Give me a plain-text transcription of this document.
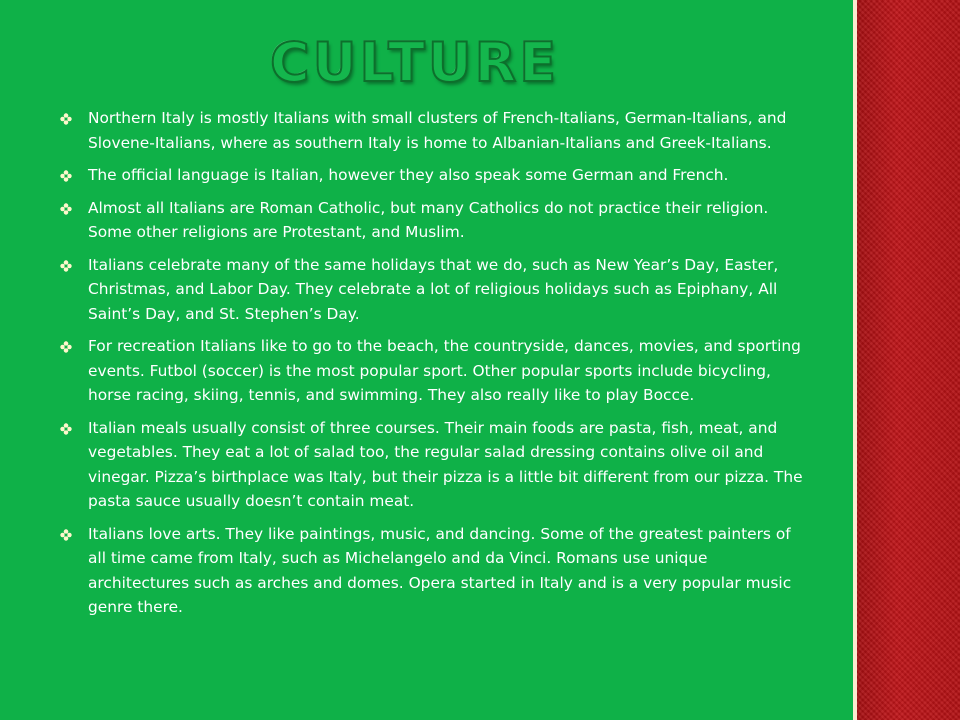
CULTURE
Northern Italy is mostly Italians with small clusters of French-Italians, German-Italians, and Slovene-Italians, where as southern Italy is home to Albanian-Italians and Greek-Italians.
The official language is Italian, however they also speak some German and French.
Almost all Italians are Roman Catholic, but many Catholics do not practice their religion. Some other religions are Protestant, and Muslim.
Italians celebrate many of the same holidays that we do, such as New Year’s Day, Easter, Christmas, and Labor Day. They celebrate a lot of religious holidays such as Epiphany, All Saint’s Day, and St. Stephen’s Day.
For recreation Italians like to go to the beach, the countryside, dances, movies, and sporting events. Futbol (soccer) is the most popular sport. Other popular sports include bicycling, horse racing, skiing, tennis, and swimming. They also really like to play Bocce.
Italian meals usually consist of three courses. Their main foods are pasta, fish, meat, and vegetables. They eat a lot of salad too, the regular salad dressing contains olive oil and vinegar. Pizza’s birthplace was Italy, but their pizza is a little bit different from our pizza. The pasta sauce usually doesn’t contain meat.
Italians love arts. They like paintings, music, and dancing. Some of the greatest painters of all time came from Italy, such as Michelangelo and da Vinci. Romans use unique architectures such as arches and domes. Opera started in Italy and is a very popular music genre there.
